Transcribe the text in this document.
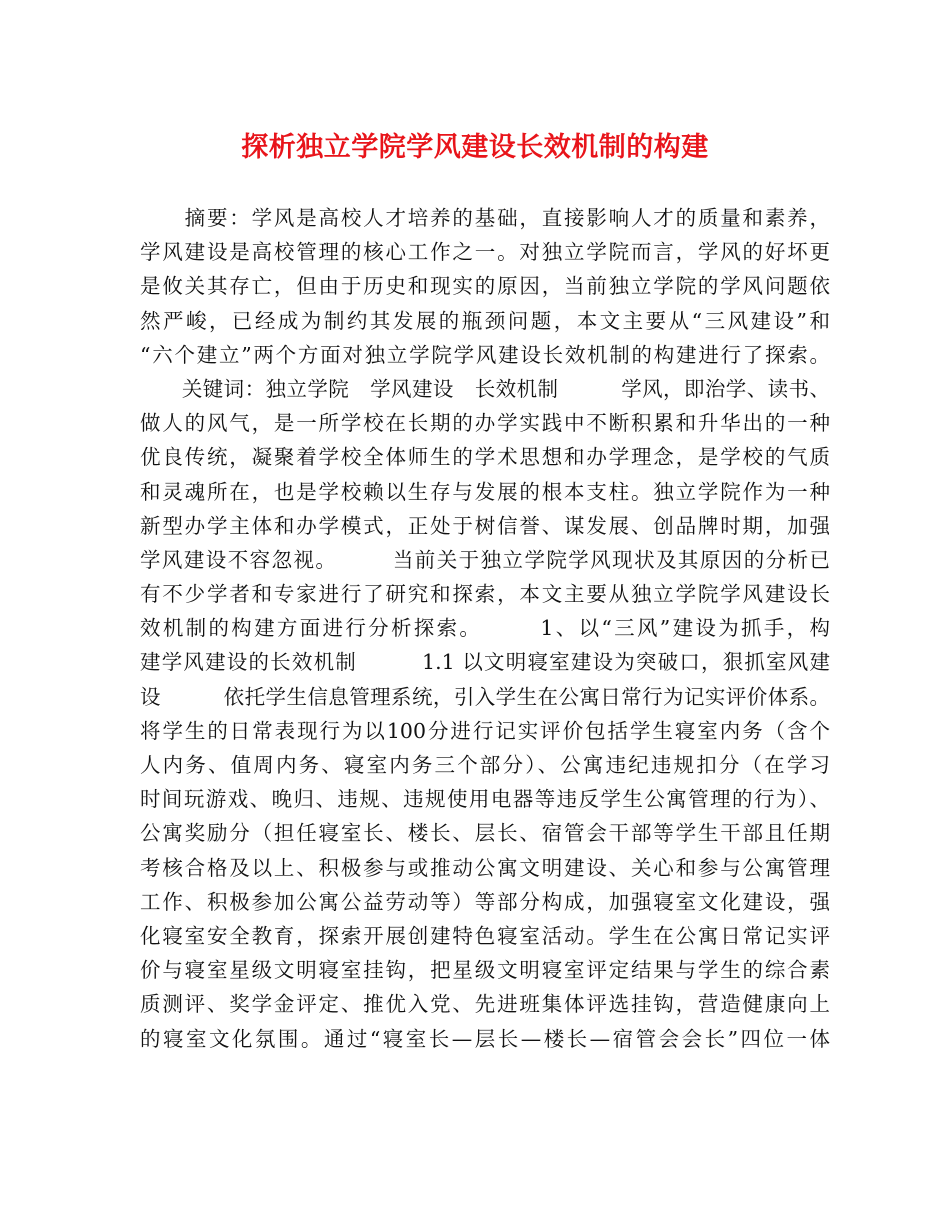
探析独立学院学风建设长效机制的构建
　　摘要：学风是高校人才培养的基础，直接影响人才的质量和素养，
学风建设是高校管理的核心工作之一。对独立学院而言，学风的好坏更
是攸关其存亡，但由于历史和现实的原因，当前独立学院的学风问题依
然严峻，已经成为制约其发展的瓶颈问题，本文主要从“三风建设”和
“六个建立”两个方面对独立学院学风建设长效机制的构建进行了探索。
　　关键词：独立学院　学风建设　长效机制　　　学风，即治学、读书、
做人的风气，是一所学校在长期的办学实践中不断积累和升华出的一种
优良传统，凝聚着学校全体师生的学术思想和办学理念，是学校的气质
和灵魂所在，也是学校赖以生存与发展的根本支柱。独立学院作为一种
新型办学主体和办学模式，正处于树信誉、谋发展、创品牌时期，加强
学风建设不容忽视。　　　当前关于独立学院学风现状及其原因的分析已
有不少学者和专家进行了研究和探索，本文主要从独立学院学风建设长
效机制的构建方面进行分析探索。　　　1、以“三风”建设为抓手，构
建学风建设的长效机制　　　1.1 以文明寝室建设为突破口，狠抓室风建
设　　　依托学生信息管理系统，引入学生在公寓日常行为记实评价体系。
将学生的日常表现行为以100分进行记实评价包括学生寝室内务（含个
人内务、值周内务、寝室内务三个部分）、公寓违纪违规扣分（在学习
时间玩游戏、晚归、违规、违规使用电器等违反学生公寓管理的行为）、
公寓奖励分（担任寝室长、楼长、层长、宿管会干部等学生干部且任期
考核合格及以上、积极参与或推动公寓文明建设、关心和参与公寓管理
工作、积极参加公寓公益劳动等）等部分构成，加强寝室文化建设，强
化寝室安全教育，探索开展创建特色寝室活动。学生在公寓日常记实评
价与寝室星级文明寝室挂钩，把星级文明寝室评定结果与学生的综合素
质测评、奖学金评定、推优入党、先进班集体评选挂钩，营造健康向上
的寝室文化氛围。通过“寝室长—层长—楼长—宿管会会长”四位一体
